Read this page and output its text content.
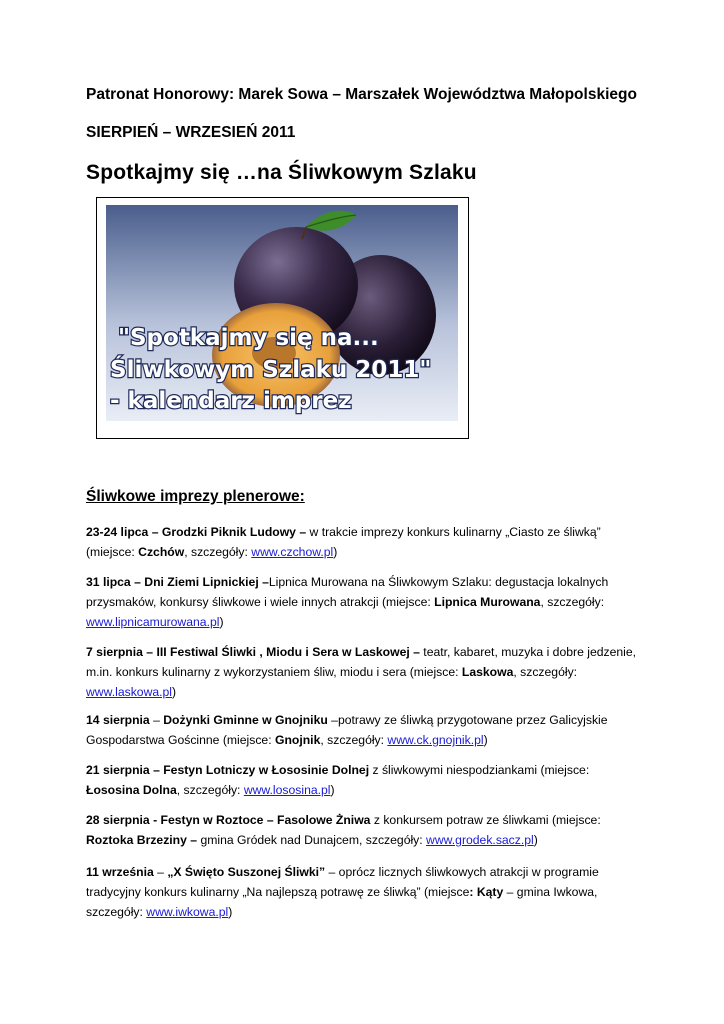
Patronat Honorowy: Marek Sowa – Marszałek Województwa Małopolskiego
SIERPIEŃ – WRZESIEŃ 2011
Spotkajmy się …na Śliwkowym Szlaku
"Spotkajmy się na...
Śliwkowym Szlaku 2011"
- kalendarz imprez
Śliwkowe imprezy plenerowe:

23-24 lipca – Grodzki Piknik Ludowy – w trakcie imprezy konkurs kulinarny „Ciasto ze śliwką” (miejsce: Czchów, szczegóły: www.czchow.pl)

31 lipca – Dni Ziemi Lipnickiej –Lipnica Murowana na Śliwkowym Szlaku: degustacja lokalnych przysmaków, konkursy śliwkowe i wiele innych atrakcji (miejsce: Lipnica Murowana, szczegóły: www.lipnicamurowana.pl)

7 sierpnia – III Festiwal Śliwki , Miodu i Sera w Laskowej – teatr, kabaret, muzyka i dobre jedzenie, m.in. konkurs kulinarny z wykorzystaniem śliw, miodu i sera (miejsce: Laskowa, szczegóły: www.laskowa.pl)

14 sierpnia – Dożynki Gminne w Gnojniku –potrawy ze śliwką przygotowane przez Galicyjskie Gospodarstwa Gościnne (miejsce: Gnojnik, szczegóły: www.ck.gnojnik.pl)

21 sierpnia – Festyn Lotniczy w Łososinie Dolnej z śliwkowymi niespodziankami (miejsce: Łososina Dolna, szczegóły: www.lososina.pl)

28 sierpnia - Festyn w Roztoce – Fasolowe Żniwa z konkursem potraw ze śliwkami (miejsce: Roztoka Brzeziny – gmina Gródek nad Dunajcem, szczegóły: www.grodek.sacz.pl)

11 września – „X Święto Suszonej Śliwki” – oprócz licznych śliwkowych atrakcji w programie tradycyjny konkurs kulinarny „Na najlepszą potrawę ze śliwką” (miejsce: Kąty – gmina Iwkowa, szczegóły: www.iwkowa.pl)
